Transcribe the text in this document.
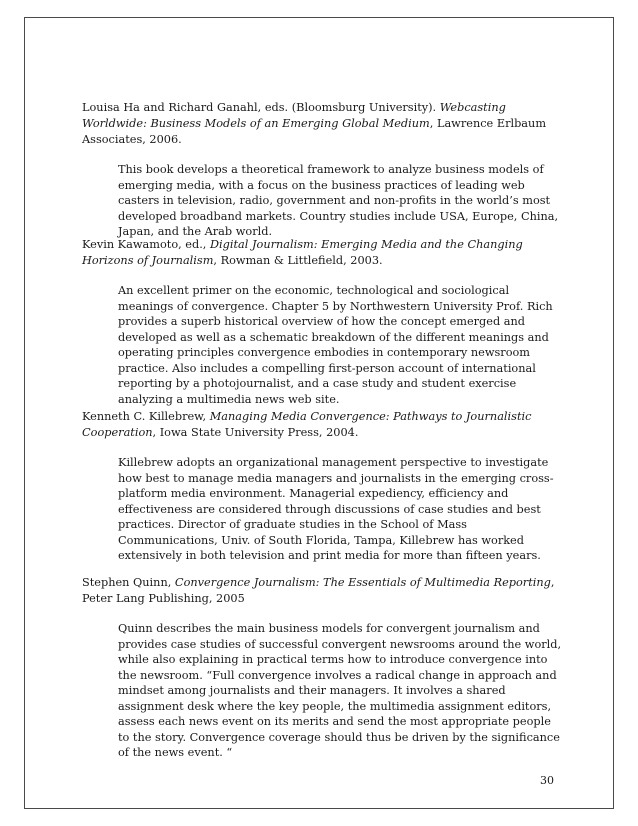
Louisa Ha and Richard Ganahl, eds. (Bloomsburg University). Webcasting Worldwide: Business Models of an Emerging Global Medium, Lawrence Erlbaum Associates, 2006.

This book develops a theoretical framework to analyze business models of emerging media, with a focus on the business practices of leading web casters in television, radio, government and non-profits in the world’s most developed broadband markets. Country studies include USA, Europe, China, Japan, and the Arab world.

Kevin Kawamoto, ed., Digital Journalism: Emerging Media and the Changing Horizons of Journalism, Rowman & Littlefield, 2003.

An excellent primer on the economic, technological and sociological meanings of convergence. Chapter 5 by Northwestern University Prof. Rich provides a superb historical overview of how the concept emerged and developed as well as a schematic breakdown of the different meanings and operating principles convergence embodies in contemporary newsroom practice. Also includes a compelling first-person account of international reporting by a photojournalist, and a case study and student exercise analyzing a multimedia news web site.

Kenneth C. Killebrew, Managing Media Convergence: Pathways to Journalistic Cooperation, Iowa State University Press, 2004.

Killebrew adopts an organizational management perspective to investigate how best to manage media managers and journalists in the emerging cross-platform media environment. Managerial expediency, efficiency and effectiveness are considered through discussions of case studies and best practices. Director of graduate studies in the School of Mass Communications, Univ. of South Florida, Tampa, Killebrew has worked extensively in both television and print media for more than fifteen years.

Stephen Quinn, Convergence Journalism: The Essentials of Multimedia Reporting, Peter Lang Publishing, 2005

Quinn describes the main business models for convergent journalism and provides case studies of successful convergent newsrooms around the world, while also explaining in practical terms how to introduce convergence into the newsroom. “Full convergence involves a radical change in approach and mindset among journalists and their managers. It involves a shared assignment desk where the key people, the multimedia assignment editors, assess each news event on its merits and send the most appropriate people to the story. Convergence coverage should thus be driven by the significance of the news event. “

30
